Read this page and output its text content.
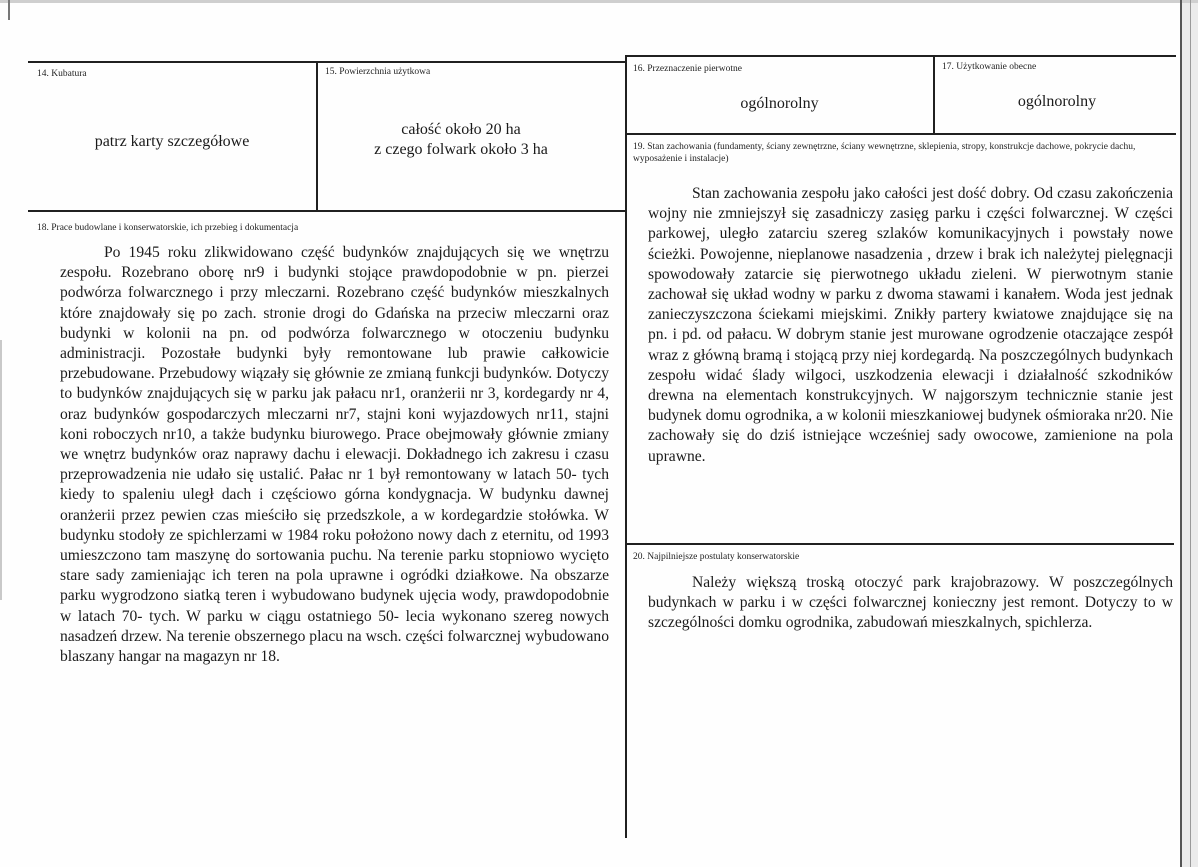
14. Kubatura
patrz karty szczegółowe
15. Powierzchnia użytkowa
całość około 20 ha
z czego folwark około 3 ha
16. Przeznaczenie pierwotne
ogólnorolny
17. Użytkowanie obecne
ogólnorolny
18. Prace budowlane i konserwatorskie, ich przebieg i dokumentacja
Po 1945 roku zlikwidowano część budynków znajdujących się we wnętrzu zespołu. Rozebrano oborę nr9 i budynki stojące prawdopodobnie w pn. pierzei podwórza folwarcznego i przy mleczarni. Rozebrano część budynków mieszkalnych które znajdowały się po zach. stronie drogi do Gdańska na przeciw mleczarni oraz budynki w kolonii na pn. od podwórza folwarcznego w otoczeniu budynku administracji. Pozostałe budynki były remontowane lub prawie całkowicie przebudowane. Przebudowy wiązały się głównie ze zmianą funkcji budynków. Dotyczy to budynków znajdujących się w parku jak pałacu nr1, oranżerii nr 3, kordegardy nr 4, oraz budynków gospodarczych mleczarni nr7, stajni koni wyjazdowych nr11, stajni koni roboczych nr10, a także budynku biurowego. Prace obejmowały głównie zmiany we wnętrz budynków oraz naprawy dachu i elewacji. Dokładnego ich zakresu i czasu przeprowadzenia nie udało się ustalić. Pałac nr 1 był remontowany w latach 50- tych kiedy to spaleniu uległ dach i częściowo górna kondygnacja. W budynku dawnej oranżerii przez pewien czas mieściło się przedszkole, a w kordegardzie stołówka. W budynku stodoły ze spichlerzami w 1984 roku położono nowy dach z eternitu, od 1993 umieszczono tam maszynę do sortowania puchu. Na terenie parku stopniowo wycięto stare sady zamieniając ich teren na pola uprawne i ogródki działkowe. Na obszarze parku wygrodzono siatką teren i wybudowano budynek ujęcia wody, prawdopodobnie w latach 70- tych. W parku w ciągu ostatniego 50- lecia wykonano szereg nowych nasadzeń drzew. Na terenie obszernego placu na wsch. części folwarcznej wybudowano blaszany hangar na magazyn nr 18.
19. Stan zachowania (fundamenty, ściany zewnętrzne, ściany wewnętrzne, sklepienia, stropy, konstrukcje dachowe, pokrycie dachu, wyposażenie i instalacje)
Stan zachowania zespołu jako całości jest dość dobry. Od czasu zakończenia wojny nie zmniejszył się zasadniczy zasięg parku i części folwarcznej. W części parkowej, uległo zatarciu szereg szlaków komunikacyjnych i powstały nowe ścieżki. Powojenne, nieplanowe nasadzenia , drzew i brak ich należytej pielęgnacji spowodowały zatarcie się pierwotnego układu zieleni. W pierwotnym stanie zachował się układ wodny w parku z dwoma stawami i kanałem. Woda jest jednak zanieczyszczona ściekami miejskimi. Znikły partery kwiatowe znajdujące się na pn. i pd. od pałacu. W dobrym stanie jest murowane ogrodzenie otaczające zespół wraz z główną bramą i stojącą przy niej kordegardą. Na poszczególnych budynkach zespołu widać ślady wilgoci, uszkodzenia elewacji i działalność szkodników drewna na elementach konstrukcyjnych. W najgorszym technicznie stanie jest budynek domu ogrodnika, a w kolonii mieszkaniowej budynek ośmioraka nr20. Nie zachowały się do dziś istniejące wcześniej sady owocowe, zamienione na pola uprawne.
20. Najpilniejsze postulaty konserwatorskie
Należy większą troską otoczyć park krajobrazowy. W poszczególnych budynkach w parku i w części folwarcznej konieczny jest remont. Dotyczy to w szczególności domku ogrodnika, zabudowań mieszkalnych, spichlerza.
